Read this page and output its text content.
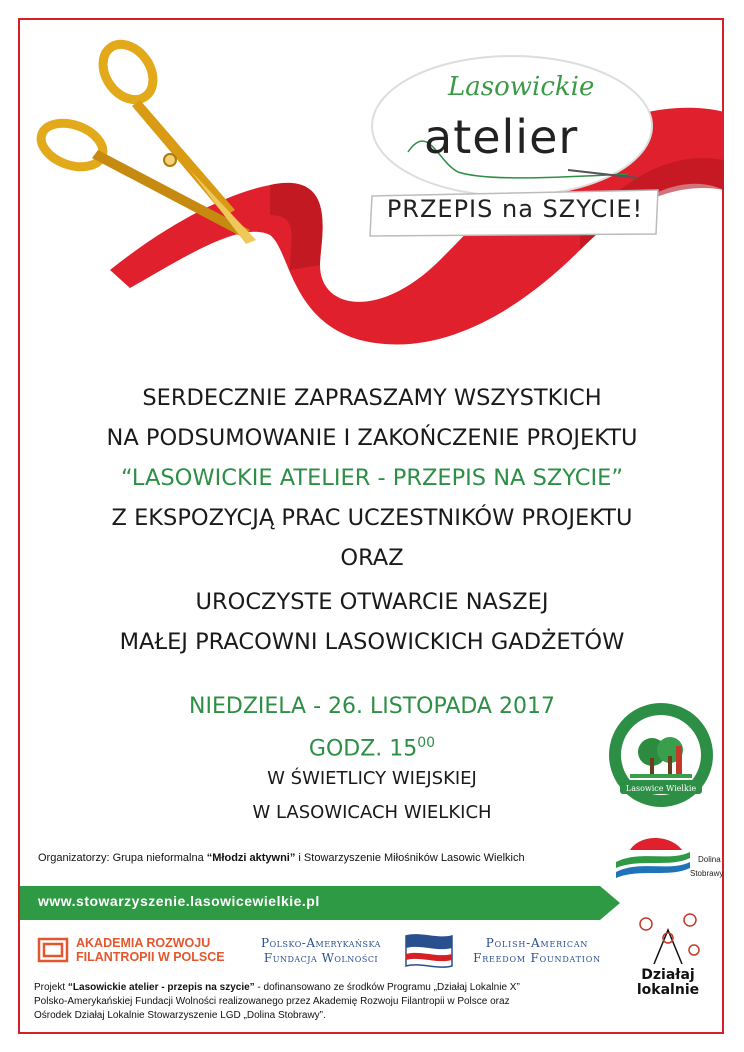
Lasowickie
atelier
PRZEPIS na SZYCIE!
SERDECZNIE ZAPRASZAMY WSZYSTKICH
NA PODSUMOWANIE I ZAKOŃCZENIE PROJEKTU
“LASOWICKIE ATELIER - PRZEPIS NA SZYCIE”
Z EKSPOZYCJĄ PRAC UCZESTNIKÓW PROJEKTU
ORAZ
UROCZYSTE OTWARCIE NASZEJ
MAŁEJ PRACOWNI LASOWICKICH GADŻETÓW
NIEDZIELA - 26. LISTOPADA 2017
GODZ. $15^{00}$
W ŚWIETLICY WIEJSKIEJ
W LASOWICACH WIELKICH
Lasowice Wielkie
Organizatorzy: Grupa nieformalna “Młodzi aktywni” i Stowarzyszenie Miłośników Lasowic Wielkich	Dolina
Stobrawy
www.stowarzyszenie.lasowicewielkie.pl
AKADEMIA ROZWOJU
FILANTROPII W POLSCE
Polsko-Amerykańska
Fundacja Wolności
Polish-American
Freedom Foundation
Działaj
lokalnie
Projekt “Lasowickie atelier - przepis na szycie” - dofinansowano ze środków Programu „Działaj Lokalnie X”
Polsko-Amerykańskiej Fundacji Wolności realizowanego przez Akademię Rozwoju Filantropii w Polsce oraz
Ośrodek Działaj Lokalnie Stowarzyszenie LGD „Dolina Stobrawy”.
